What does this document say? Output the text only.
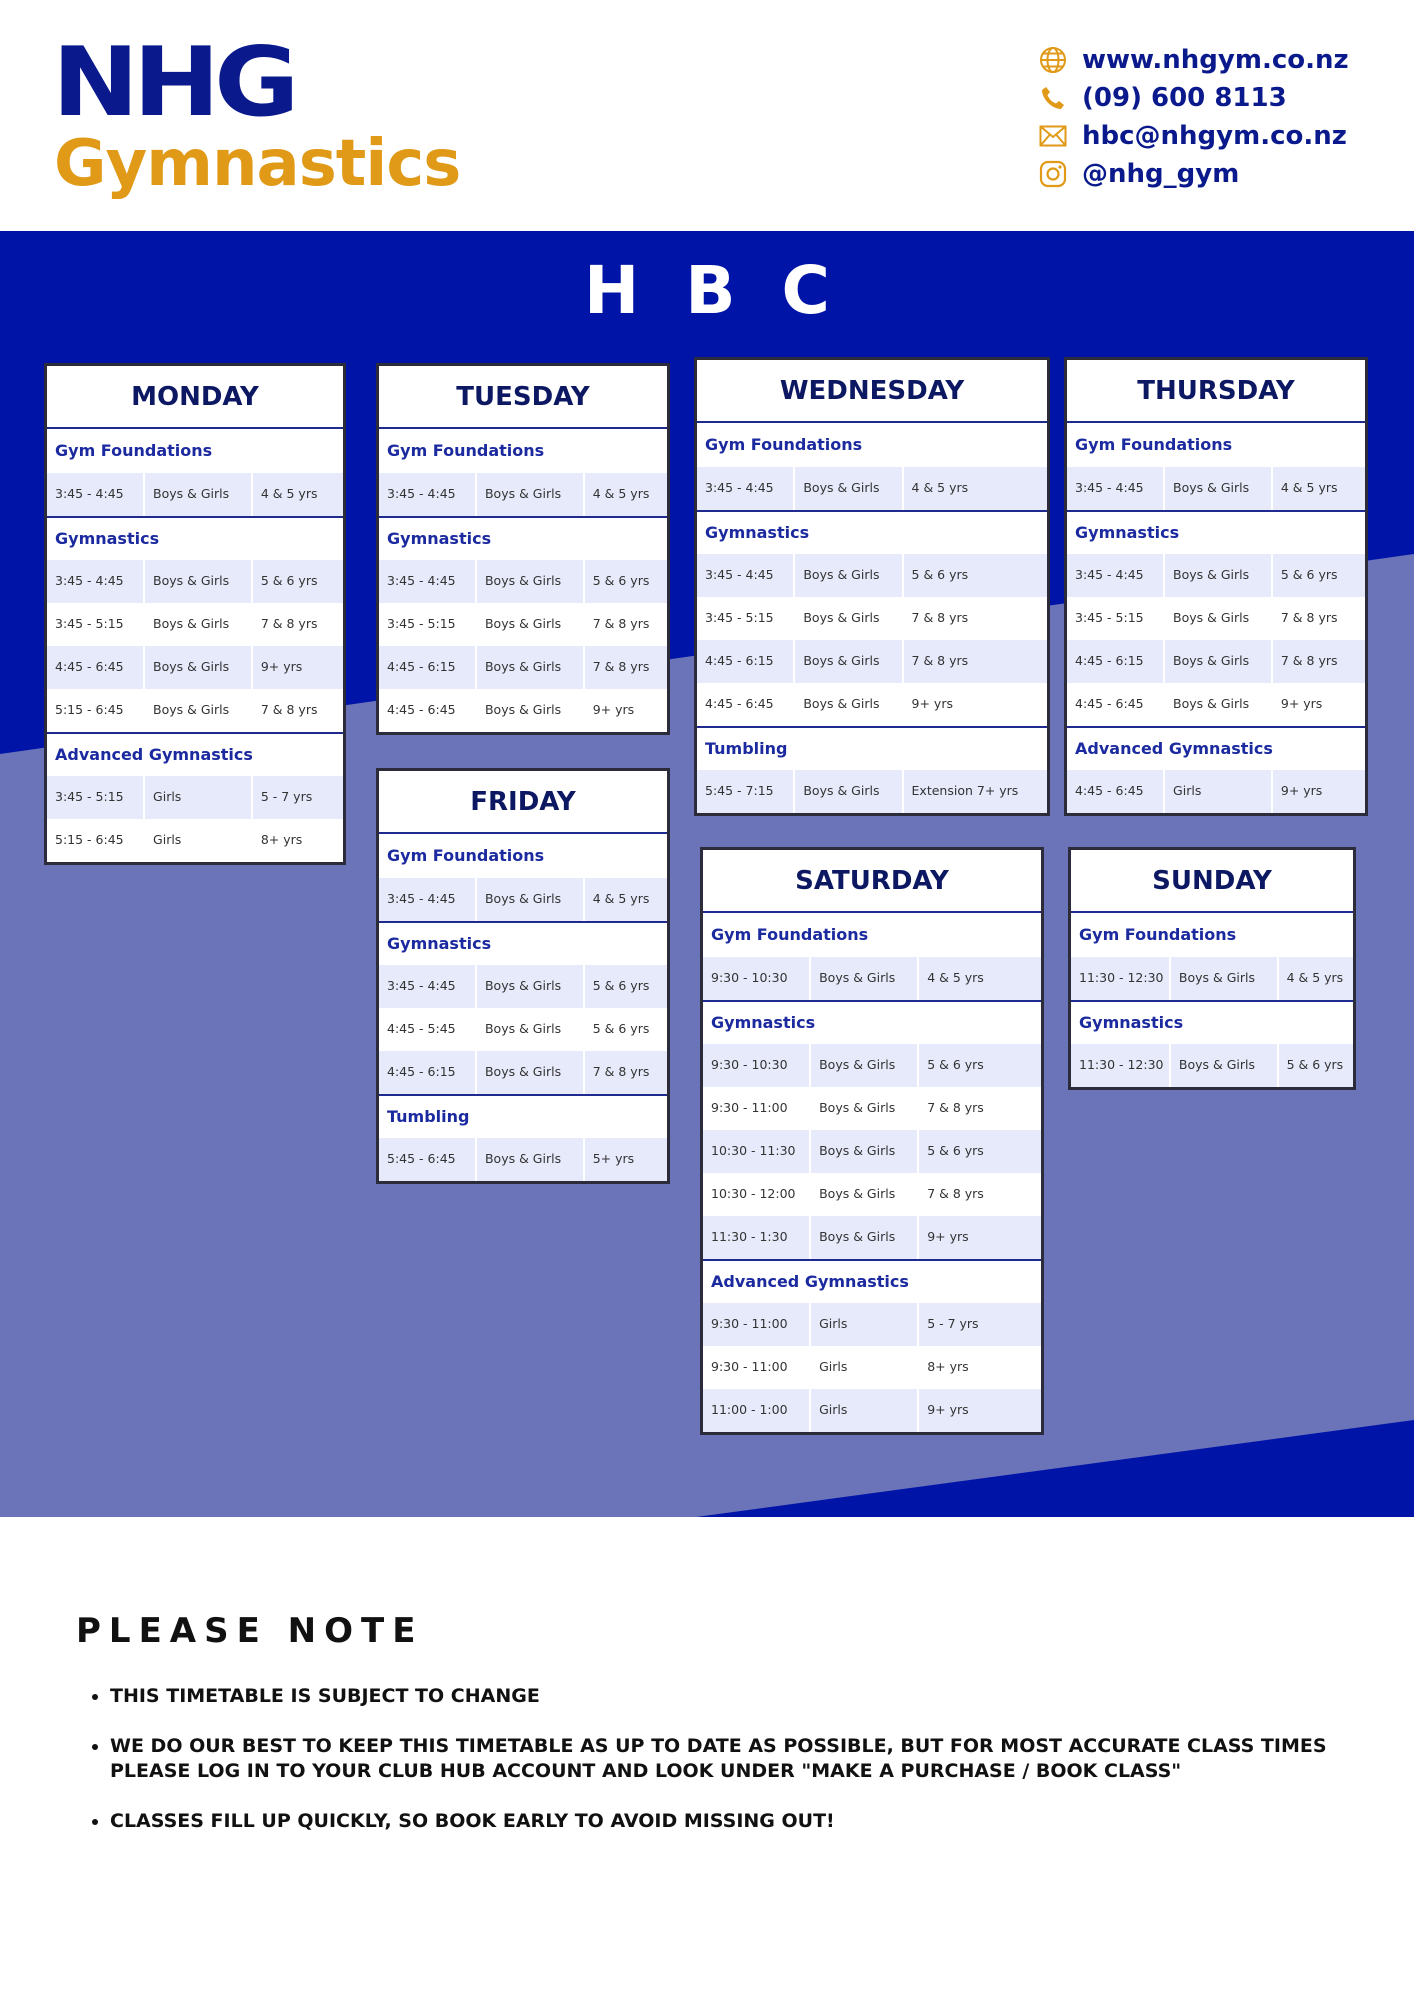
NHG
Gymnastics
www.nhgym.co.nz
(09) 600 8113
hbc@nhgym.co.nz
@nhg_gym
HBC
MONDAY
Gym Foundations
3:45 - 4:45	Boys & Girls	4 & 5 yrs
Gymnastics
3:45 - 4:45	Boys & Girls	5 & 6 yrs
3:45 - 5:15	Boys & Girls	7 & 8 yrs
4:45 - 6:45	Boys & Girls	9+ yrs
5:15 - 6:45	Boys & Girls	7 & 8 yrs
Advanced Gymnastics
3:45 - 5:15	Girls	5 - 7 yrs
5:15 - 6:45	Girls	8+ yrs
TUESDAY
Gym Foundations
3:45 - 4:45	Boys & Girls	4 & 5 yrs
Gymnastics
3:45 - 4:45	Boys & Girls	5 & 6 yrs
3:45 - 5:15	Boys & Girls	7 & 8 yrs
4:45 - 6:15	Boys & Girls	7 & 8 yrs
4:45 - 6:45	Boys & Girls	9+ yrs
WEDNESDAY
Gym Foundations
3:45 - 4:45	Boys & Girls	4 & 5 yrs
Gymnastics
3:45 - 4:45	Boys & Girls	5 & 6 yrs
3:45 - 5:15	Boys & Girls	7 & 8 yrs
4:45 - 6:15	Boys & Girls	7 & 8 yrs
4:45 - 6:45	Boys & Girls	9+ yrs
Tumbling
5:45 - 7:15	Boys & Girls	Extension 7+ yrs
THURSDAY
Gym Foundations
3:45 - 4:45	Boys & Girls	4 & 5 yrs
Gymnastics
3:45 - 4:45	Boys & Girls	5 & 6 yrs
3:45 - 5:15	Boys & Girls	7 & 8 yrs
4:45 - 6:15	Boys & Girls	7 & 8 yrs
4:45 - 6:45	Boys & Girls	9+ yrs
Advanced Gymnastics
4:45 - 6:45	Girls	9+ yrs
FRIDAY
Gym Foundations
3:45 - 4:45	Boys & Girls	4 & 5 yrs
Gymnastics
3:45 - 4:45	Boys & Girls	5 & 6 yrs
4:45 - 5:45	Boys & Girls	5 & 6 yrs
4:45 - 6:15	Boys & Girls	7 & 8 yrs
Tumbling
5:45 - 6:45	Boys & Girls	5+ yrs
SATURDAY
Gym Foundations
9:30 - 10:30	Boys & Girls	4 & 5 yrs
Gymnastics
9:30 - 10:30	Boys & Girls	5 & 6 yrs
9:30 - 11:00	Boys & Girls	7 & 8 yrs
10:30 - 11:30	Boys & Girls	5 & 6 yrs
10:30 - 12:00	Boys & Girls	7 & 8 yrs
11:30 - 1:30	Boys & Girls	9+ yrs
Advanced Gymnastics
9:30 - 11:00	Girls	5 - 7 yrs
9:30 - 11:00	Girls	8+ yrs
11:00 - 1:00	Girls	9+ yrs
SUNDAY
Gym Foundations
11:30 - 12:30	Boys & Girls	4 & 5 yrs
Gymnastics
11:30 - 12:30	Boys & Girls	5 & 6 yrs
PLEASE NOTE
• THIS TIMETABLE IS SUBJECT TO CHANGE
• WE DO OUR BEST TO KEEP THIS TIMETABLE AS UP TO DATE AS POSSIBLE, BUT FOR MOST ACCURATE CLASS TIMES PLEASE LOG IN TO YOUR CLUB HUB ACCOUNT AND LOOK UNDER "MAKE A PURCHASE / BOOK CLASS"
• CLASSES FILL UP QUICKLY, SO BOOK EARLY TO AVOID MISSING OUT!
